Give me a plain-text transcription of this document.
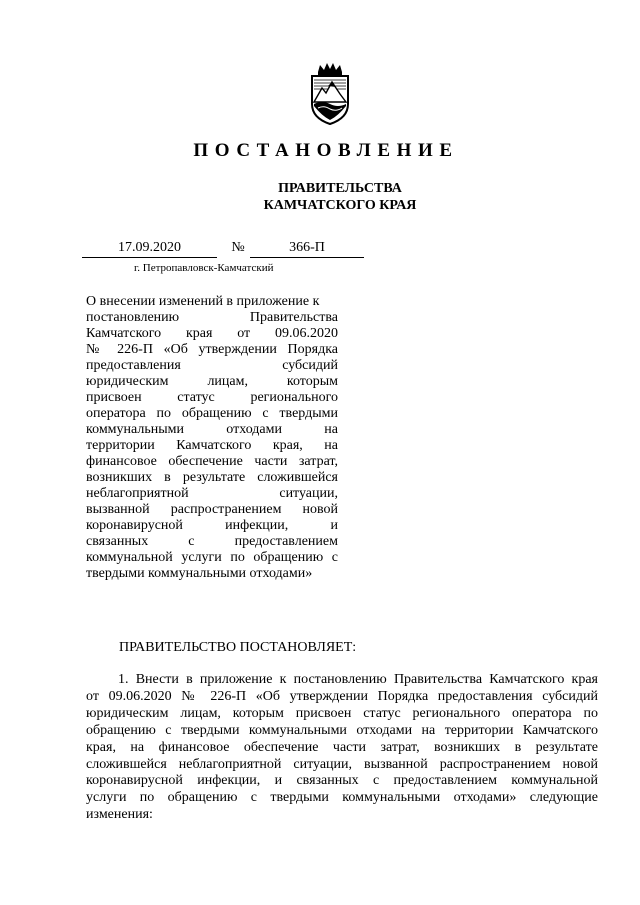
ПОСТАНОВЛЕНИЕ
ПРАВИТЕЛЬСТВА
КАМЧАТСКОГО КРАЯ
17.09.2020	№	366-П
г. Петропавловск-Камчатский
О внесении изменений в приложение к
постановлению Правительства
Камчатского края от 09.06.2020
№ 226-П «Об утверждении Порядка
предоставления субсидий
юридическим лицам, которым
присвоен статус регионального
оператора по обращению с твердыми
коммунальными отходами на
территории Камчатского края, на
финансовое обеспечение части затрат,
возникших в результате сложившейся
неблагоприятной ситуации,
вызванной распространением новой
коронавирусной инфекции, и
связанных с предоставлением
коммунальной услуги по обращению с
твердыми коммунальными отходами»
ПРАВИТЕЛЬСТВО ПОСТАНОВЛЯЕТ:
1. Внести в приложение к постановлению Правительства Камчатского края
от 09.06.2020 № 226-П «Об утверждении Порядка предоставления субсидий
юридическим лицам, которым присвоен статус регионального оператора по
обращению с твердыми коммунальными отходами на территории Камчатского
края, на финансовое обеспечение части затрат, возникших в результате
сложившейся неблагоприятной ситуации, вызванной распространением новой
коронавирусной инфекции, и связанных с предоставлением коммунальной
услуги по обращению с твердыми коммунальными отходами» следующие
изменения:
